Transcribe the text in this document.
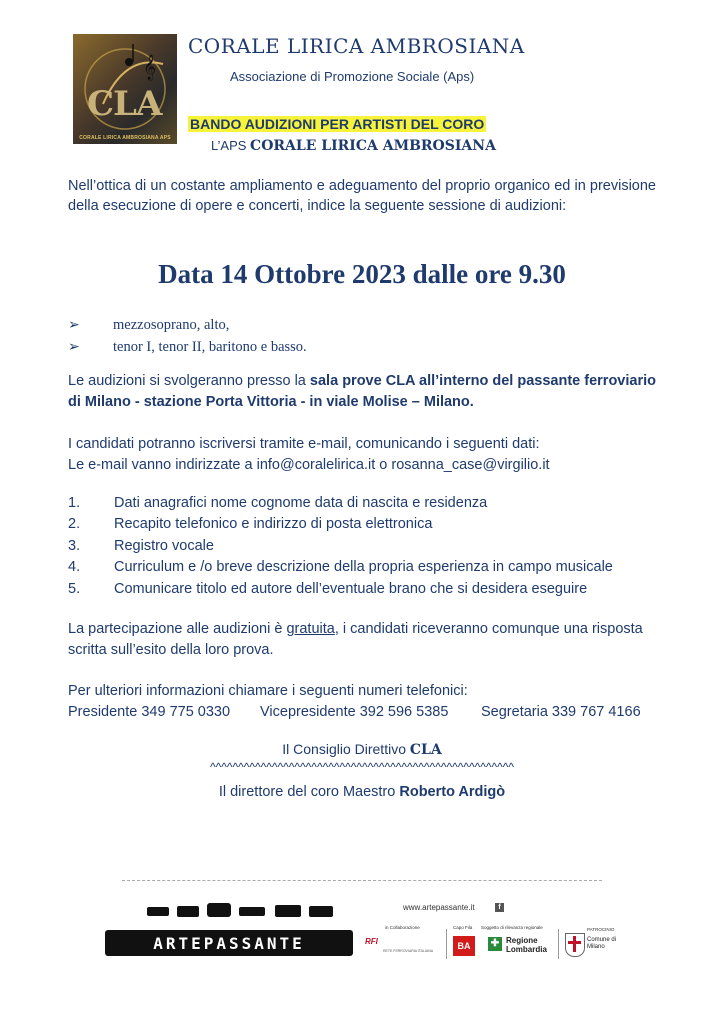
𝄞
CLA
CORALE LIRICA AMBROSIANA APS
CORALE LIRICA AMBROSIANA
Associazione di Promozione Sociale (Aps)
BANDO AUDIZIONI PER ARTISTI DEL CORO
L’APS CORALE LIRICA AMBROSIANA
Nell’ottica di un costante ampliamento e adeguamento del proprio organico ed in previsione della esecuzione di opere e concerti, indice la seguente sessione di audizioni:
Data 14 Ottobre 2023 dalle ore 9.30
➢	mezzosoprano, alto,
➢	tenor I, tenor II, baritono e basso.
Le audizioni si svolgeranno presso la sala prove CLA all’interno del passante ferroviario di Milano - stazione Porta Vittoria - in viale Molise – Milano.
I candidati potranno iscriversi tramite e-mail, comunicando i seguenti dati:
Le e-mail vanno indirizzate a info@coralelirica.it o rosanna_case@virgilio.it
1.	Dati anagrafici nome cognome data di nascita e residenza
2.	Recapito telefonico e indirizzo di posta elettronica
3.	Registro vocale
4.	Curriculum e /o breve descrizione della propria esperienza in campo musicale
5.	Comunicare titolo ed autore dell’eventuale brano che si desidera eseguire
La partecipazione alle audizioni è gratuita, i candidati riceveranno comunque una risposta scritta sull’esito della loro prova.
Per ulteriori informazioni chiamare i seguenti numeri telefonici:
Presidente 349 775 0330	Vicepresidente 392 596 5385	Segretaria 339 767 4166
Il Consiglio Direttivo CLA
^^^^^^^^^^^^^^^^^^^^^^^^^^^^^^^^^^^^^^^^^^^^^^^^^^^^^^
Il direttore del coro Maestro Roberto Ardigò
ARTEPASSANTE
www.artepassante.it	f
in Collaborazione
RFI
RETE FERROVIARIA ITALIANA
Capo Fila Soggetto di rilevanza regionale
BA	✚ Regione
Lombardia
PATROCINIO
Comune di
Milano
